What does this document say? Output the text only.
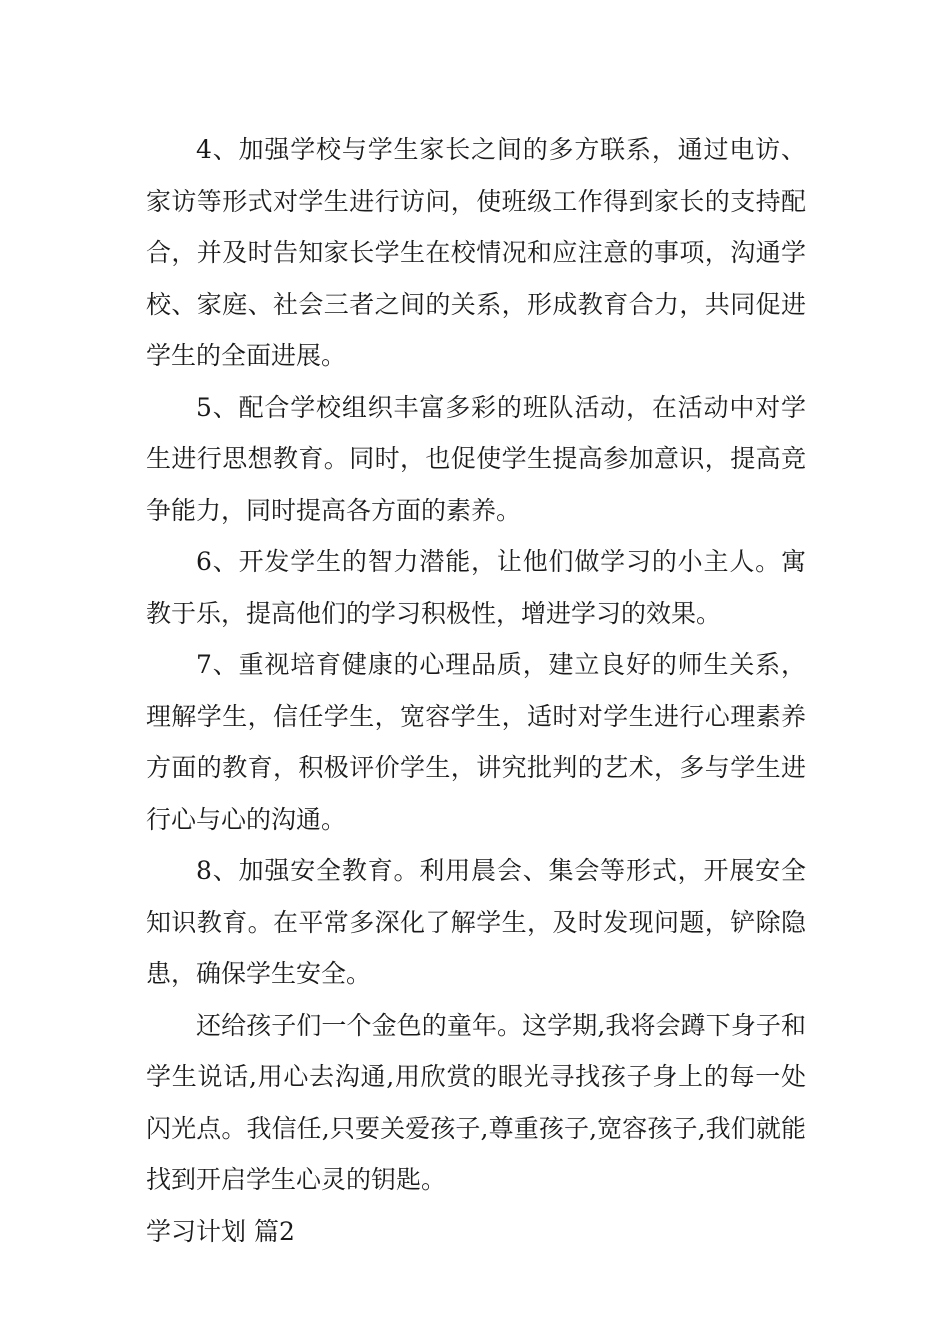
4、加强学校与学生家长之间的多方联系，通过电访、家访等形式对学生进行访问，使班级工作得到家长的支持配合，并及时告知家长学生在校情况和应注意的事项，沟通学校、家庭、社会三者之间的关系，形成教育合力，共同促进学生的全面进展。

5、配合学校组织丰富多彩的班队活动，在活动中对学生进行思想教育。同时，也促使学生提高参加意识，提高竞争能力，同时提高各方面的素养。

6、开发学生的智力潜能，让他们做学习的小主人。寓教于乐，提高他们的学习积极性，增进学习的效果。

7、重视培育健康的心理品质，建立良好的师生关系，理解学生，信任学生，宽容学生，适时对学生进行心理素养方面的教育，积极评价学生，讲究批判的艺术，多与学生进行心与心的沟通。

8、加强安全教育。利用晨会、集会等形式，开展安全知识教育。在平常多深化了解学生，及时发现问题，铲除隐患，确保学生安全。

还给孩子们一个金色的童年。这学期,我将会蹲下身子和学生说话,用心去沟通,用欣赏的眼光寻找孩子身上的每一处闪光点。我信任,只要关爱孩子,尊重孩子,宽容孩子,我们就能找到开启学生心灵的钥匙。

学习计划 篇2
